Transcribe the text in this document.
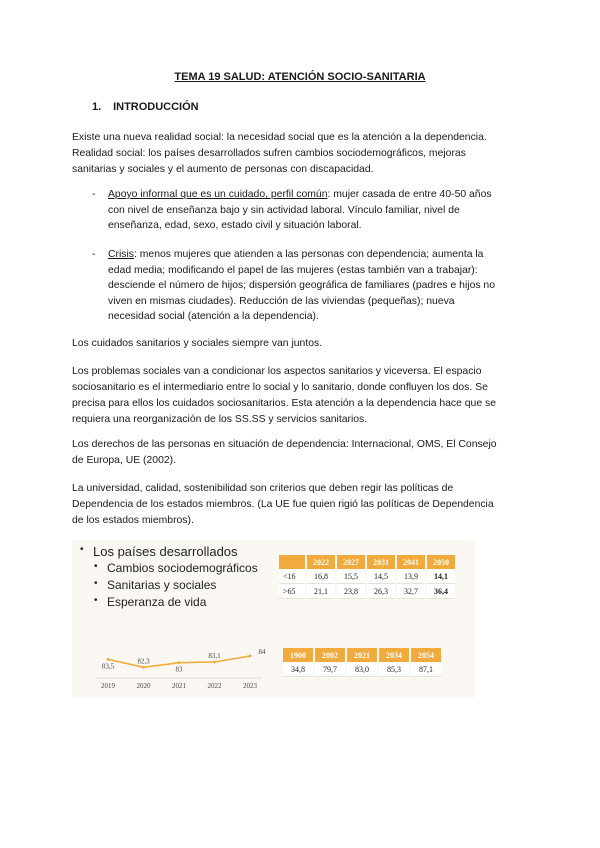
TEMA 19 SALUD: ATENCIÓN SOCIO-SANITARIA
1. INTRODUCCIÓN
Existe una nueva realidad social: la necesidad social que es la atención a la dependencia.
Realidad social: los países desarrollados sufren cambios sociodemográficos, mejoras
sanitarias y sociales y el aumento de personas con discapacidad.
- Apoyo informal que es un cuidado, perfil común: mujer casada de entre 40-50 años
con nivel de enseñanza bajo y sin actividad laboral. Vínculo familiar, nivel de
enseñanza, edad, sexo, estado civil y situación laboral.
- Crisis: menos mujeres que atienden a las personas con dependencia; aumenta la
edad media; modificando el papel de las mujeres (estas también van a trabajar):
desciende el número de hijos; dispersión geográfica de familiares (padres e hijos no
viven en mismas ciudades). Reducción de las viviendas (pequeñas); nueva
necesidad social (atención a la dependencia).
Los cuidados sanitarios y sociales siempre van juntos.
Los problemas sociales van a condicionar los aspectos sanitarios y viceversa. El espacio
sociosanitario es el intermediario entre lo social y lo sanitario, donde confluyen los dos. Se
precisa para ellos los cuidados sociosanitarios. Esta atención a la dependencia hace que se
requiera una reorganización de los SS.SS y servicios sanitarios.
Los derechos de las personas en situación de dependencia: Internacional, OMS, El Consejo
de Europa, UE (2002).
La universidad, calidad, sostenibilidad son criterios que deben regir las políticas de
Dependencia de los estados miembros. (La UE fue quien rigió las políticas de Dependencia
de los estados miembros).
• Los países desarrollados
• Cambios sociodemográficos
• Sanitarias y sociales
• Esperanza de vida
	2022	2027	2031	2041	2050
<16	16,8	15,5	14,5	13,9	14,1
>65	21,1	23,8	26,3	32,7	36,4
1900	2002	2021	2034	2054
34,8	79,7	83,0	85,3	87,1
83,5
2019
82,3
2020
83
2021
83,1
2022
84
2023
